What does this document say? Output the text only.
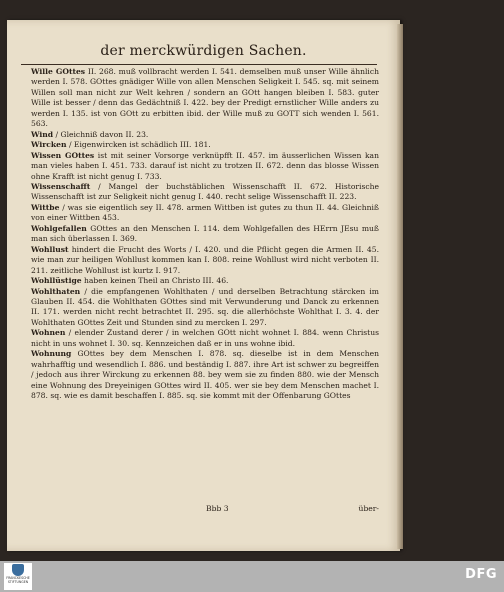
der merckwürdigen Sachen.

Wille GOttes II. 268. muß vollbracht werden I. 541. demselben muß unser Wille ähnlich werden I. 578. GOttes gnädiger Wille von allen Menschen Seligkeit I. 545. sq. mit seinem Willen soll man nicht zur Welt kehren / sondern an GOtt hangen bleiben I. 583. guter Wille ist besser / denn das Gedächtniß I. 422. bey der Predigt ernstlicher Wille anders zu werden I. 135. ist von GOtt zu erbitten ibid. der Wille muß zu GOTT sich wenden I. 561. 563.

Wind / Gleichniß davon II. 23.

Wircken / Eigenwircken ist schädlich III. 181.

Wissen GOttes ist mit seiner Vorsorge verknüpfft II. 457. im äusserlichen Wissen kan man vieles haben I. 451. 733. darauf ist nicht zu trotzen II. 672. denn das blosse Wissen ohne Krafft ist nicht genug I. 733.

Wissenschafft / Mangel der buchstäblichen Wissenschafft II. 672. Historische Wissenschafft ist zur Seligkeit nicht genug I. 440. recht selige Wissenschafft II. 223.

Wittbe / was sie eigentlich sey II. 478. armen Wittben ist gutes zu thun II. 44. Gleichniß von einer Wittben 453.

Wohlgefallen GOttes an den Menschen I. 114. dem Wohlgefallen des HErrn JEsu muß man sich überlassen I. 369.

Wohllust hindert die Frucht des Worts / I. 420. und die Pflicht gegen die Armen II. 45. wie man zur heiligen Wohllust kommen kan I. 808. reine Wohllust wird nicht verboten II. 211. zeitliche Wohllust ist kurtz I. 917.

Wohllüstige haben keinen Theil an Christo III. 46.

Wohlthaten / die empfangenen Wohlthaten / und derselben Betrachtung stärcken im Glauben II. 454. die Wohlthaten GOttes sind mit Verwunderung und Danck zu erkennen II. 171. werden nicht recht betrachtet II. 295. sq. die allerhöchste Wohlthat I. 3. 4. der Wohlthaten GOttes Zeit und Stunden sind zu mercken I. 297.

Wohnen / elender Zustand derer / in welchen GOtt nicht wohnet I. 884. wenn Christus nicht in uns wohnet I. 30. sq. Kennzeichen daß er in uns wohne ibid.

Wohnung GOttes bey dem Menschen I. 878. sq. dieselbe ist in dem Menschen wahrhafftig und wesendlich I. 886. und beständig I. 887. ihre Art ist schwer zu begreiffen / jedoch aus ihrer Wirckung zu erkennen 88. bey wem sie zu finden 880. wie der Mensch eine Wohnung des Dreyeinigen GOttes wird II. 405. wer sie bey dem Menschen machet I. 878. sq. wie es damit beschaffen I. 885. sq. sie kommt mit der Offenbarung GOttes

Bbb 3	über-
FRANCKESCHE STIFTUNGEN	DFG
